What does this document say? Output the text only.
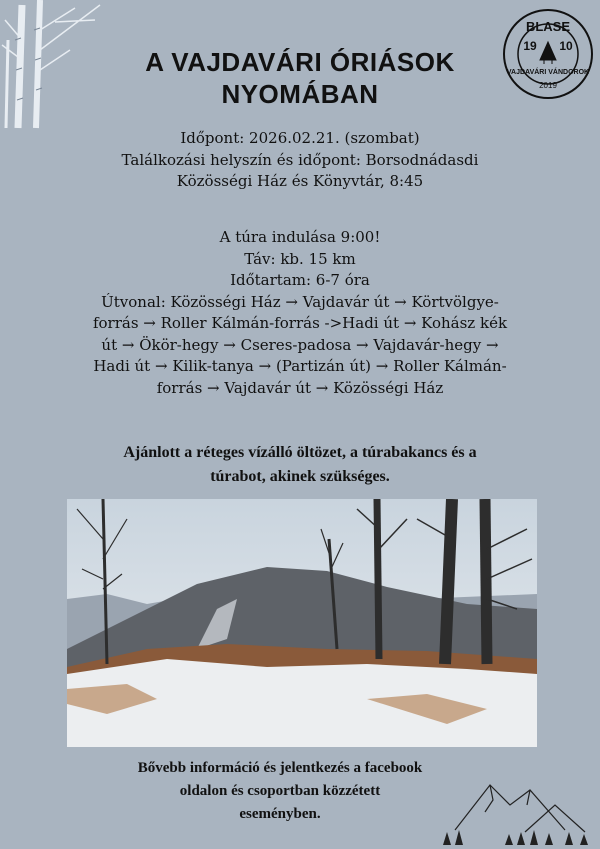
A VAJDAVÁRI ÓRIÁSOK
NYOMÁBAN
BLASE
19 10
VAJDAVÁRI VÁNDOROK
2019
Időpont: 2026.02.21. (szombat)
Találkozási helyszín és időpont: Borsodnádasdi
Közösségi Ház és Könyvtár, 8:45
A túra indulása 9:00!
Táv: kb. 15 km
Időtartam: 6-7 óra
Útvonal: Közösségi Ház → Vajdavár út → Körtvölgye-
forrás → Roller Kálmán-forrás ->Hadi út → Kohász kék
út → Ökör-hegy → Cseres-padosa → Vajdavár-hegy →
Hadi út → Kilik-tanya → (Partizán út) → Roller Kálmán-
forrás → Vajdavár út → Közösségi Ház
Ajánlott a réteges vízálló öltözet, a túrabakancs és a
túrabot, akinek szükséges.
Bővebb információ és jelentkezés a facebook
oldalon és csoportban közzétett
eseményben.
